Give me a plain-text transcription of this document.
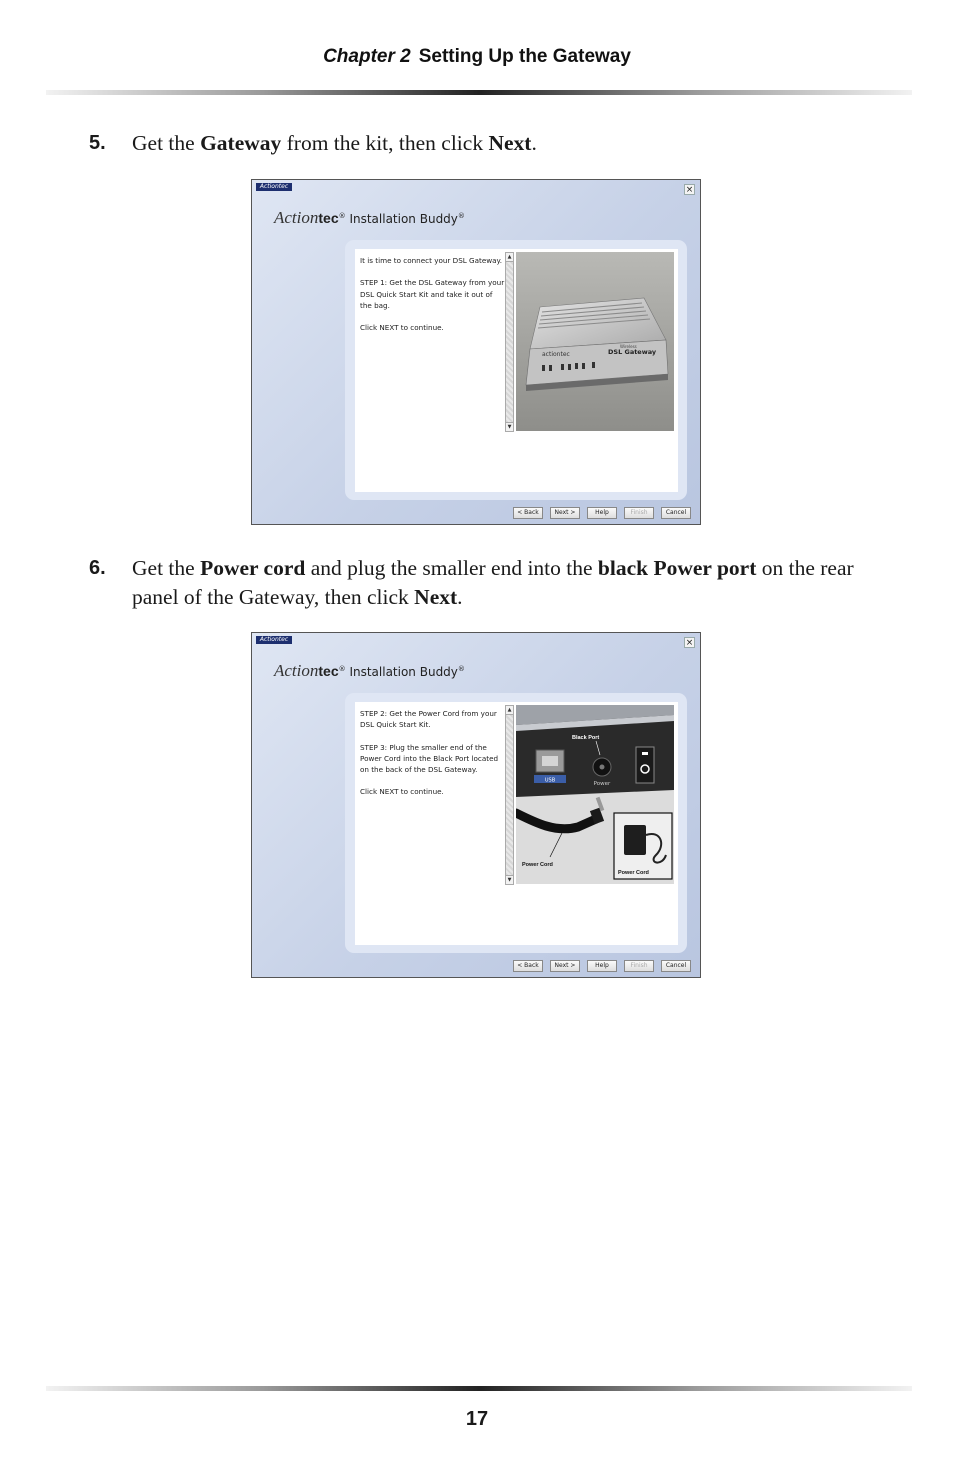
Chapter 2 Setting Up the Gateway
5. Get the Gateway from the kit, then click Next.
Actiontec	×
Actiontec® Installation Buddy®

It is time to connect your DSL Gateway.

STEP 1: Get the DSL Gateway from your DSL Quick Start Kit and take it out of the bag.

Click NEXT to continue.

▲
▼
actiontec
Wireless
DSL Gateway
< Back	Next >	Help	Finish	Cancel
6. Get the Power cord and plug the smaller end into the black Power port on the rear panel of the Gateway, then click Next.
Actiontec	×
Actiontec® Installation Buddy®

STEP 2: Get the Power Cord from your DSL Quick Start Kit.

STEP 3: Plug the smaller end of the Power Cord into the Black Port located on the back of the DSL Gateway.

Click NEXT to continue.

▲
▼
USB
Power
Black Port
Power Cord
Power Cord
< Back	Next >	Help	Finish	Cancel
17
